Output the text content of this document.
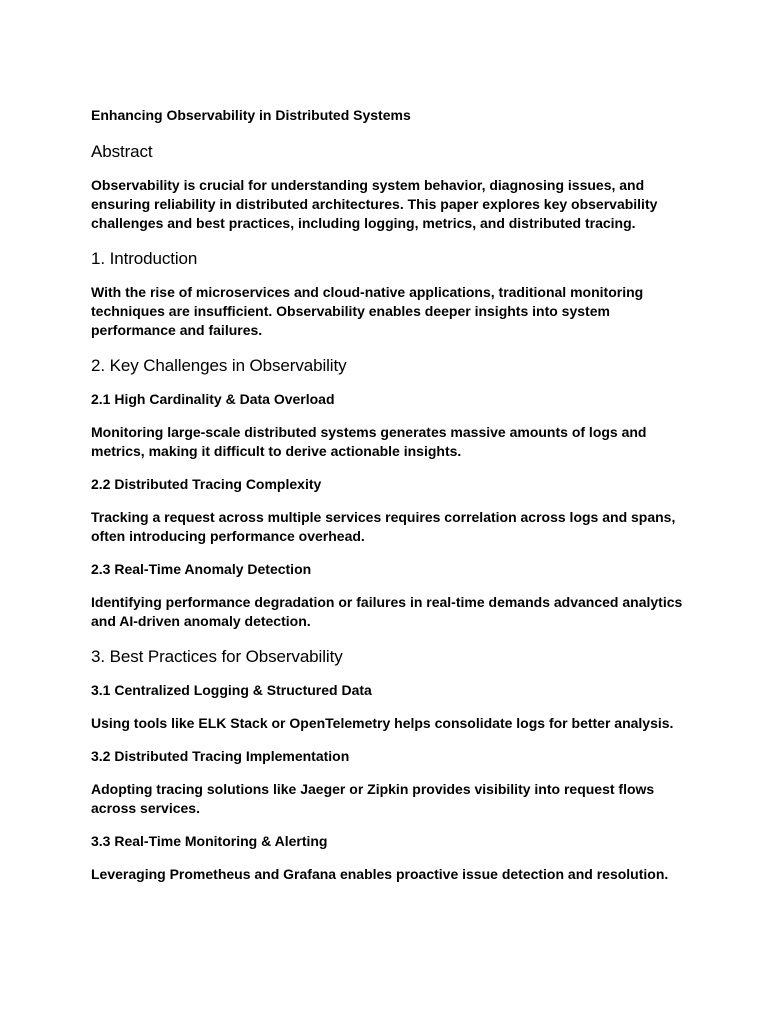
Enhancing Observability in Distributed Systems
Abstract
Observability is crucial for understanding system behavior, diagnosing issues, and ensuring reliability in distributed architectures. This paper explores key observability challenges and best practices, including logging, metrics, and distributed tracing.
1. Introduction
With the rise of microservices and cloud-native applications, traditional monitoring techniques are insufficient. Observability enables deeper insights into system performance and failures.
2. Key Challenges in Observability
2.1 High Cardinality & Data Overload
Monitoring large-scale distributed systems generates massive amounts of logs and metrics, making it difficult to derive actionable insights.
2.2 Distributed Tracing Complexity
Tracking a request across multiple services requires correlation across logs and spans, often introducing performance overhead.
2.3 Real-Time Anomaly Detection
Identifying performance degradation or failures in real-time demands advanced analytics and AI-driven anomaly detection.
3. Best Practices for Observability
3.1 Centralized Logging & Structured Data
Using tools like ELK Stack or OpenTelemetry helps consolidate logs for better analysis.
3.2 Distributed Tracing Implementation
Adopting tracing solutions like Jaeger or Zipkin provides visibility into request flows across services.
3.3 Real-Time Monitoring & Alerting
Leveraging Prometheus and Grafana enables proactive issue detection and resolution.
